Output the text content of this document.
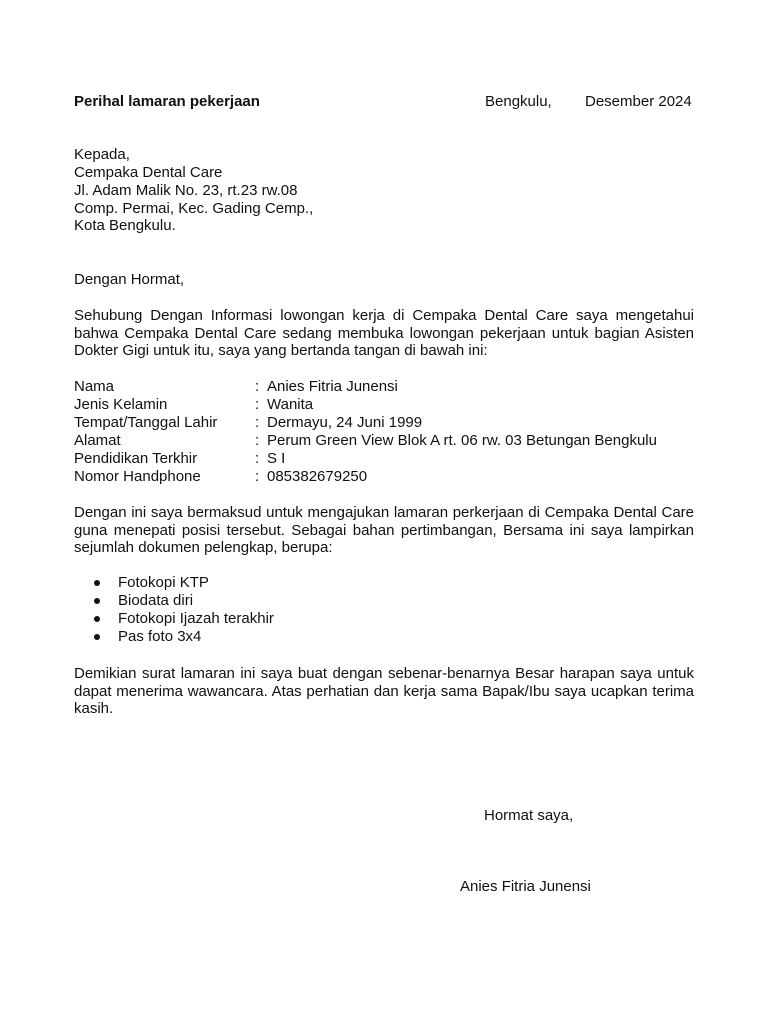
Perihal lamaran pekerjaan	Bengkulu, Desember 2024
Kepada,
Cempaka Dental Care
Jl. Adam Malik No. 23, rt.23 rw.08
Comp. Permai, Kec. Gading Cemp.,
Kota Bengkulu.
Dengan Hormat,
Sehubung Dengan Informasi lowongan kerja di Cempaka Dental Care saya mengetahui bahwa Cempaka Dental Care sedang membuka lowongan pekerjaan untuk bagian Asisten Dokter Gigi untuk itu, saya yang bertanda tangan di bawah ini:
Nama	: Anies Fitria Junensi
Jenis Kelamin	: Wanita
Tempat/Tanggal Lahir	: Dermayu, 24 Juni 1999
Alamat	: Perum Green View Blok A rt. 06 rw. 03 Betungan Bengkulu
Pendidikan Terkhir	: S I
Nomor Handphone	: 085382679250
Dengan ini saya bermaksud untuk mengajukan lamaran perkerjaan di Cempaka Dental Care guna menepati posisi tersebut. Sebagai bahan pertimbangan, Bersama ini saya lampirkan sejumlah dokumen pelengkap, berupa:
Fotokopi KTP
Biodata diri
Fotokopi Ijazah terakhir
Pas foto 3x4
Demikian surat lamaran ini saya buat dengan sebenar-benarnya Besar harapan saya untuk dapat menerima wawancara. Atas perhatian dan kerja sama Bapak/Ibu saya ucapkan terima kasih.
Hormat saya,
Anies Fitria Junensi
